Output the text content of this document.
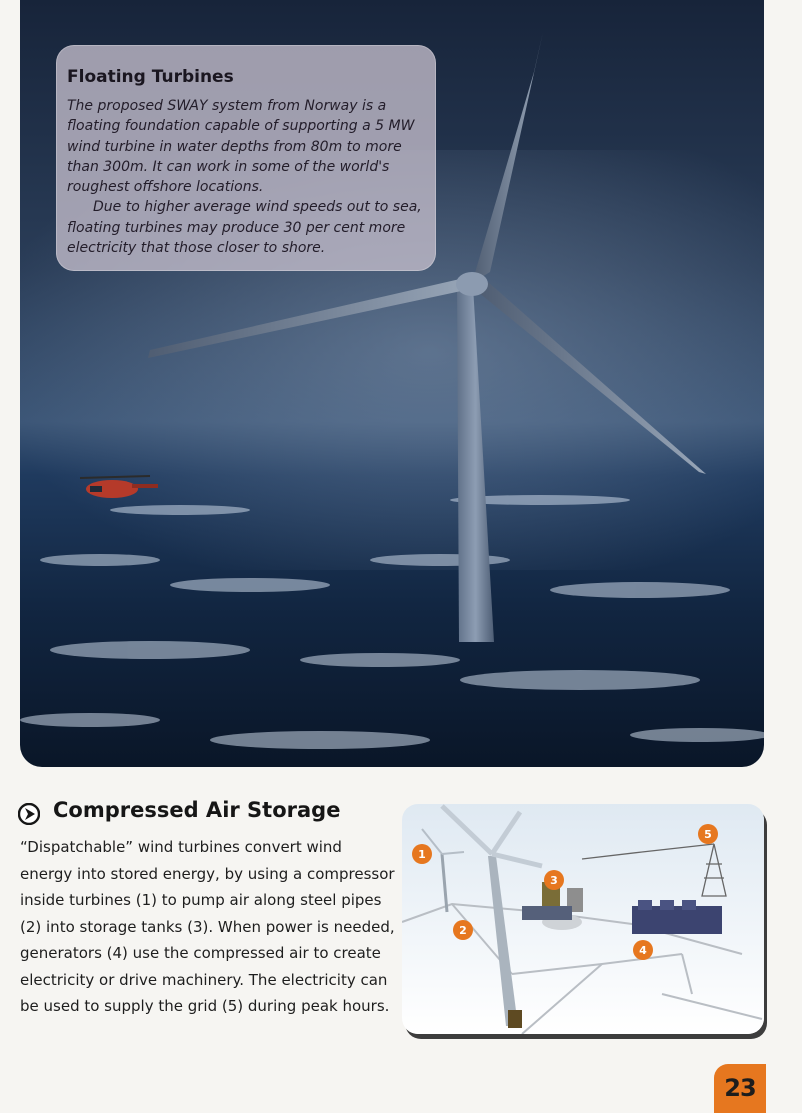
Floating Turbines

The proposed SWAY system from Norway is a floating foundation capable of supporting a 5 MW wind turbine in water depths from 80m to more than 300m. It can work in some of the world's roughest offshore locations.

Due to higher average wind speeds out to sea, floating turbines may produce 30 per cent more electricity that those closer to shore.

Compressed Air Storage

“Dispatchable” wind turbines convert wind energy into stored energy, by using a compressor inside turbines (1) to pump air along steel pipes (2) into storage tanks (3). When power is needed, generators (4) use the compressed air to create electricity or drive machinery. The electricity can be used to supply the grid (5) during peak hours.

1
2
3
4
5
23
